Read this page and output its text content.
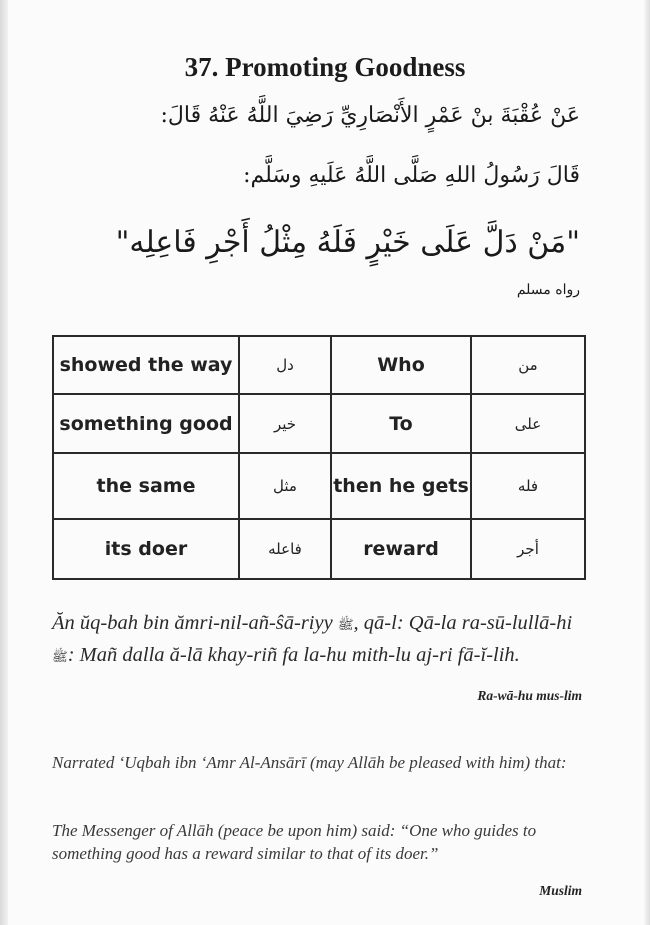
37. Promoting Goodness
عَنْ عُقْبَةَ بنْ عَمْرٍ الأَنْصَارِيِّ رَضِيَ اللَّهُ عَنْهُ قَالَ:
قَالَ رَسُولُ اللهِ صَلَّى اللَّهُ عَلَيهِ وسَلَّم:
"مَنْ دَلَّ عَلَى خَيْرٍ فَلَهُ مِثْلُ أَجْرِ فَاعِلِه"
رواه مسلم
showed the way	دل	Who	من
something good	خير	To	على
the same	مثل	then he gets	فله
its doer	فاعله	reward	أجر

Ăn ŭq-bah bin ămri-nil-añ-ŝā-riyy ﷺ, qā-l: Qā-la ra-sū-lullā-hi ﷺ: Mañ dalla ă-lā khay-riñ fa la-hu mith-lu aj-ri fā-ĭ-lih.

Ra-wā-hu mus-lim

Narrated ‘Uqbah ibn ‘Amr Al-Ansārī (may Allāh be pleased with him) that:

The Messenger of Allāh (peace be upon him) said: “One who guides to something good has a reward similar to that of its doer.”

Muslim
